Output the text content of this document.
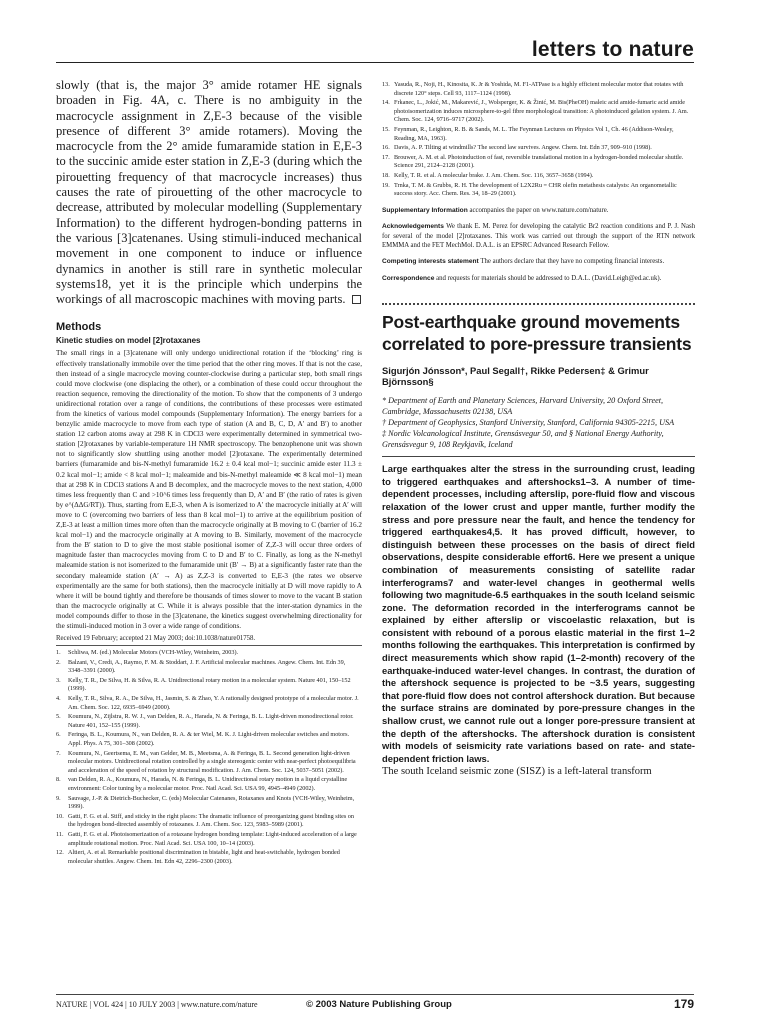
letters to nature

slowly (that is, the major 3° amide rotamer HE signals broaden in Fig. 4A, c. There is no ambiguity in the macrocycle assignment in Z,E-3 because of the visible presence of different 3° amide rotamers). Moving the macrocycle from the 2° amide fumaramide station in E,E-3 to the succinic amide ester station in Z,E-3 (during which the pirouetting frequency of that macrocycle increases) thus causes the rate of pirouetting of the other macrocycle to decrease, attributed by molecular modelling (Supplementary Information) to the different hydrogen-bonding patterns in the various [3]catenanes. Using stimuli-induced mechanical movement in one component to induce or influence dynamics in another is still rare in synthetic molecular systems18, yet it is the principle which underpins the workings of all macroscopic machines with moving parts.

Methods
Kinetic studies on model [2]rotaxanes

The small rings in a [3]catenane will only undergo unidirectional rotation if the ‘blocking’ ring is effectively translationally immobile over the time period that the other ring moves. If that is not the case, then instead of a single macrocycle moving counter-clockwise during a particular step, both small rings could move clockwise (one displacing the other), or a combination of these could occur throughout the reaction sequence, removing the directionality of the motion. To show that the components of 3 undergo unidirectional rotation over a range of conditions, the contributions of these processes were estimated from the kinetics of various model compounds (Supplementary Information). The energy barriers for a benzylic amide macrocycle to move from each type of station (A and B, C, D, A′ and B′) to another station 12 carbon atoms away at 298 K in CDCl3 were experimentally determined in symmetrical two-station [2]rotaxanes by variable-temperature 1H NMR spectroscopy. The benzophenone unit was shown not to significantly slow shuttling using another model [2]rotaxane. The experimentally determined barriers (fumaramide and bis-N-methyl fumaramide 16.2 ± 0.4 kcal mol−1; succinic amide ester 11.3 ± 0.2 kcal mol−1; amide < 8 kcal mol−1; maleamide and bis-N-methyl maleamide ≪ 8 kcal mol−1) mean that at 298 K in CDCl3 stations A and B decomplex, and the macrocycle moves to the next station, 4,000 times less frequently than C and >10^6 times less frequently than D, A′ and B′ (the ratio of rates is given by e^(ΔΔG/RT)). Thus, starting from E,E-3, when A is isomerized to A′ the macrocycle initially at A′ will move to C (overcoming two barriers of less than 8 kcal mol−1) to arrive at the equilibrium position of Z,E-3 at least a million times more often than the macrocycle originally at B moving to C (barrier of 16.2 kcal mol−1) and the macrocycle originally at A moving to B. Similarly, movement of the macrocycle from the B′ station to D to give the most stable positional isomer of Z,Z-3 will occur three orders of magnitude faster than macrocycles moving from C to D and B′ to C. Finally, as long as the N-methyl maleamide station is not isomerized to the fumaramide unit (B′ → B) at a significantly faster rate than the secondary maleamide station (A′ → A) as Z,Z-3 is converted to E,E-3 (the rates we observe experimentally are the same for both stations), then the macrocycle initially at D will move rapidly to A where it will be bound tightly and therefore be thousands of times slower to move to the vacant B station than the macrocycle originally at C. While it is always possible that the inter-station dynamics in the model compounds differ to those in the [3]catenane, the kinetics suggest overwhelming directionality for the stimuli-induced motion in 3 over a wide range of conditions.

Received 19 February; accepted 21 May 2003; doi:10.1038/nature01758.
1. Schliwa, M. (ed.) Molecular Motors (VCH-Wiley, Weinheim, 2003).
2. Balzani, V., Credi, A., Raymo, F. M. & Stoddart, J. F. Artificial molecular machines. Angew. Chem. Int. Edn 39, 3348–3391 (2000).
3. Kelly, T. R., De Silva, H. & Silva, R. A. Unidirectional rotary motion in a molecular system. Nature 401, 150–152 (1999).
4. Kelly, T. R., Silva, R. A., De Silva, H., Jasmin, S. & Zhao, Y. A rationally designed prototype of a molecular motor. J. Am. Chem. Soc. 122, 6935–6949 (2000).
5. Koumura, N., Zijlstra, R. W. J., van Delden, R. A., Harada, N. & Feringa, B. L. Light-driven monodirectional rotor. Nature 401, 152–155 (1999).
6. Feringa, B. L., Koumura, N., van Delden, R. A. & ter Wiel, M. K. J. Light-driven molecular switches and motors. Appl. Phys. A 75, 301–308 (2002).
7. Koumura, N., Geertsema, E. M., van Gelder, M. B., Meetsma, A. & Feringa, B. L. Second generation light-driven molecular motors. Unidirectional rotation controlled by a single stereogenic center with near-perfect photoequilibria and acceleration of the speed of rotation by structural modification. J. Am. Chem. Soc. 124, 5037–5051 (2002).
8. van Delden, R. A., Koumura, N., Harada, N. & Feringa, B. L. Unidirectional rotary motion in a liquid crystalline environment: Color tuning by a molecular motor. Proc. Natl Acad. Sci. USA 99, 4945–4949 (2002).
9. Sauvage, J.-P. & Dietrich-Buchecker, C. (eds) Molecular Catenanes, Rotaxanes and Knots (VCH-Wiley, Weinheim, 1999).
10. Gatti, F. G. et al. Stiff, and sticky in the right places: The dramatic influence of preorganizing guest binding sites on the hydrogen bond-directed assembly of rotaxanes. J. Am. Chem. Soc. 123, 5983–5989 (2001).
11. Gatti, F. G. et al. Photoisomerization of a rotaxane hydrogen bonding template: Light-induced acceleration of a large amplitude rotational motion. Proc. Natl Acad. Sci. USA 100, 10–14 (2003).
12. Altieri, A. et al. Remarkable positional discrimination in bistable, light and heat-switchable, hydrogen bonded molecular shuttles. Angew. Chem. Int. Edn 42, 2296–2300 (2003).
13. Yasuda, R., Noji, H., Kinosita, K. Jr & Yoshida, M. F1-ATPase is a highly efficient molecular motor that rotates with discrete 120° steps. Cell 93, 1117–1124 (1998).
14. Frkanec, L., Jokić, M., Makarević, J., Wolsperger, K. & Žinić, M. Bis(PheOH) maleic acid amide-fumaric acid amide photoisomerization induces microsphere-to-gel fibre morphological transition: A photoinduced gelation system. J. Am. Chem. Soc. 124, 9716–9717 (2002).
15. Feynman, R., Leighton, R. B. & Sands, M. L. The Feynman Lectures on Physics Vol 1, Ch. 46 (Addison-Wesley, Reading, MA, 1963).
16. Davis, A. P. Tilting at windmills? The second law survives. Angew. Chem. Int. Edn 37, 909–910 (1998).
17. Brouwer, A. M. et al. Photoinduction of fast, reversible translational motion in a hydrogen-bonded molecular shuttle. Science 291, 2124–2128 (2001).
18. Kelly, T. R. et al. A molecular brake. J. Am. Chem. Soc. 116, 3657–3658 (1994).
19. Trnka, T. M. & Grubbs, R. H. The development of L2X2Ru = CHR olefin metathesis catalysts: An organometallic success story. Acc. Chem. Res. 34, 18–29 (2001).

Supplementary Information accompanies the paper on www.nature.com/nature.

Acknowledgements We thank E. M. Perez for developing the catalytic Br2 reaction conditions and P. J. Nash for several of the model [2]rotaxanes. This work was carried out through the support of the RTN network EMMMA and the FET MechMol. D.A.L. is an EPSRC Advanced Research Fellow.

Competing interests statement The authors declare that they have no competing financial interests.

Correspondence and requests for materials should be addressed to D.A.L. (David.Leigh@ed.ac.uk).

Post-earthquake ground movements correlated to pore-pressure transients
Sigurjón Jónsson*, Paul Segall†, Rikke Pedersen‡ & Grimur Björnsson§

* Department of Earth and Planetary Sciences, Harvard University, 20 Oxford Street, Cambridge, Massachusetts 02138, USA

† Department of Geophysics, Stanford University, Stanford, California 94305-2215, USA

‡ Nordic Volcanological Institute, Grensásvegur 50, and § National Energy Authority, Grensásvegur 9, 108 Reykjavík, Iceland

Large earthquakes alter the stress in the surrounding crust, leading to triggered earthquakes and aftershocks1–3. A number of time-dependent processes, including afterslip, pore-fluid flow and viscous relaxation of the lower crust and upper mantle, further modify the stress and pore pressure near the fault, and hence the tendency for triggered earthquakes4,5. It has proved difficult, however, to distinguish between these processes on the basis of direct field observations, despite considerable effort6. Here we present a unique combination of measurements consisting of satellite radar interferograms7 and water-level changes in geothermal wells following two magnitude-6.5 earthquakes in the south Iceland seismic zone. The deformation recorded in the interferograms cannot be explained by either afterslip or viscoelastic relaxation, but is consistent with rebound of a porous elastic material in the first 1–2 months following the earthquakes. This interpretation is confirmed by direct measurements which show rapid (1–2-month) recovery of the earthquake-induced water-level changes. In contrast, the duration of the aftershock sequence is projected to be ~3.5 years, suggesting that pore-fluid flow does not control aftershock duration. But because the surface strains are dominated by pore-pressure changes in the shallow crust, we cannot rule out a longer pore-pressure transient at the depth of the aftershocks. The aftershock duration is consistent with models of seismicity rate variations based on rate- and state-dependent friction laws.

The south Iceland seismic zone (SISZ) is a left-lateral transform

NATURE | VOL 424 | 10 JULY 2003 | www.nature.com/nature	© 2003 Nature Publishing Group	179
